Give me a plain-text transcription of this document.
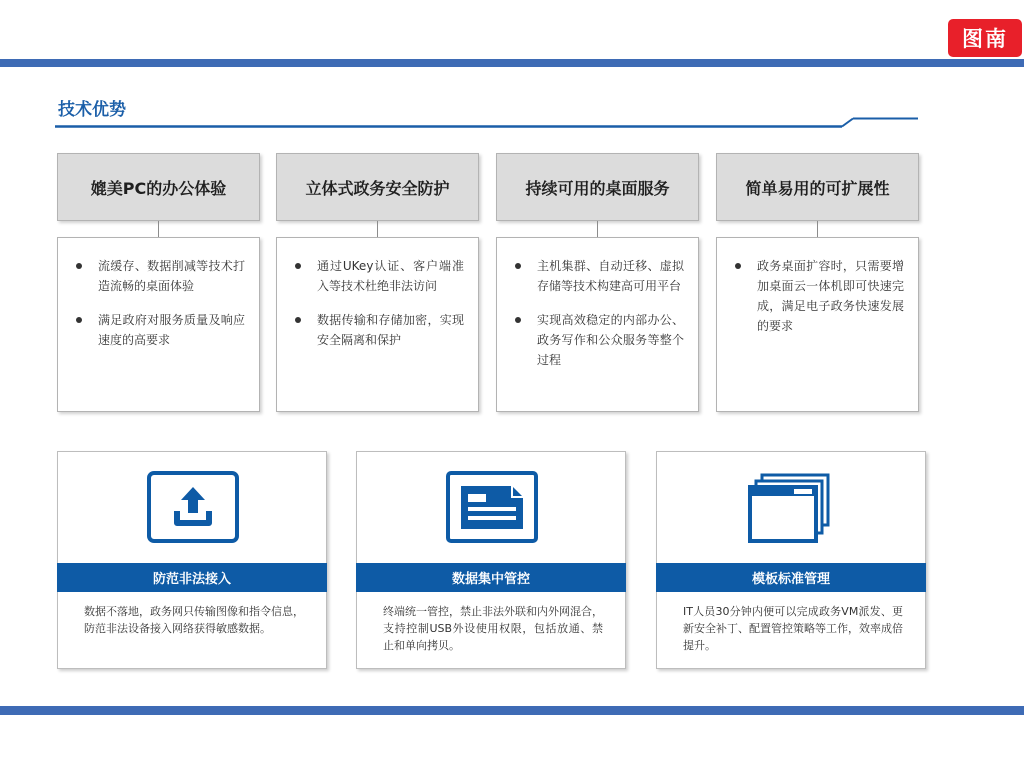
图南
技术优势
媲美PC的办公体验
流缓存、数据削减等技术打造流畅的桌面体验
满足政府对服务质量及响应速度的高要求
立体式政务安全防护
通过UKey认证、客户端准入等技术杜绝非法访问
数据传输和存储加密，实现安全隔离和保护
持续可用的桌面服务
主机集群、自动迁移、虚拟存储等技术构建高可用平台
实现高效稳定的内部办公、政务写作和公众服务等整个过程
简单易用的可扩展性
政务桌面扩容时，只需要增加桌面云一体机即可快速完成，满足电子政务快速发展的要求
防范非法接入
数据不落地，政务网只传输图像和指令信息，防范非法设备接入网络获得敏感数据。
数据集中管控
终端统一管控，禁止非法外联和内外网混合，支持控制USB外设使用权限，包括放通、禁止和单向拷贝。
模板标准管理
IT人员30分钟内便可以完成政务VM派发、更新安全补丁、配置管控策略等工作，效率成倍提升。
